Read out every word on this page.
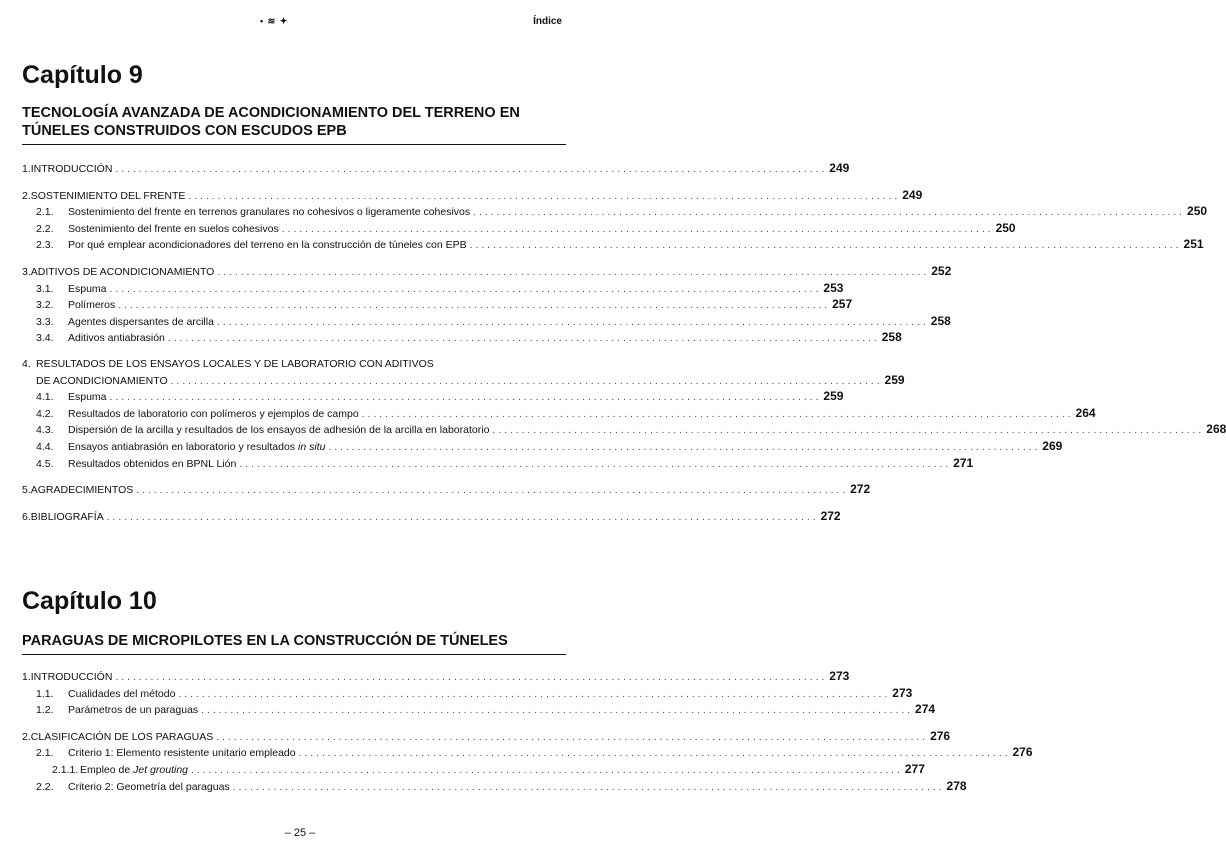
• ≋ ✦	Índice
Capítulo 9
TECNOLOGÍA AVANZADA DE ACONDICIONAMIENTO DEL TERRENO EN
TÚNELES CONSTRUIDOS CON ESCUDOS EPB
1. INTRODUCCIÓN . . .	249
2. SOSTENIMIENTO DEL FRENTE . . .	249
2.1.	Sostenimiento del frente en terrenos granulares no cohesivos o ligeramente cohesivos . . .	250
2.2.	Sostenimiento del frente en suelos cohesivos . . .	250
2.3.	Por qué emplear acondicionadores del terreno en la construcción de túneles con EPB . . .	251
3. ADITIVOS DE ACONDICIONAMIENTO . . .	252
3.1.	Espuma . . .	253
3.2.	Polímeros . . .	257
3.3.	Agentes dispersantes de arcilla . . .	258
3.4.	Aditivos antiabrasión . . .	258
4. RESULTADOS DE LOS ENSAYOS LOCALES Y DE LABORATORIO CON ADITIVOS
DE ACONDICIONAMIENTO . . .	259
4.1.	Espuma . . .	259
4.2.	Resultados de laboratorio con polímeros y ejemplos de campo . . .	264
4.3.	Dispersión de la arcilla y resultados de los ensayos de adhesión de la arcilla en laboratorio . . .	268
4.4.	Ensayos antiabrasión en laboratorio y resultados in situ . . .	269
4.5.	Resultados obtenidos en BPNL Lión . . .	271
5. AGRADECIMIENTOS . . .	272
6. BIBLIOGRAFÍA . . .	272
Capítulo 10
PARAGUAS DE MICROPILOTES EN LA CONSTRUCCIÓN DE TÚNELES
1. INTRODUCCIÓN . . .	273
1.1.	Cualidades del método . . .	273
1.2.	Parámetros de un paraguas . . .	274
2. CLASIFICACIÓN DE LOS PARAGUAS . . .	276
2.1.	Criterio 1: Elemento resistente unitario empleado . . .	276
2.1.1. Empleo de Jet grouting . . .	277
2.2.	Criterio 2: Geometría del paraguas . . .	278
– 25 –
